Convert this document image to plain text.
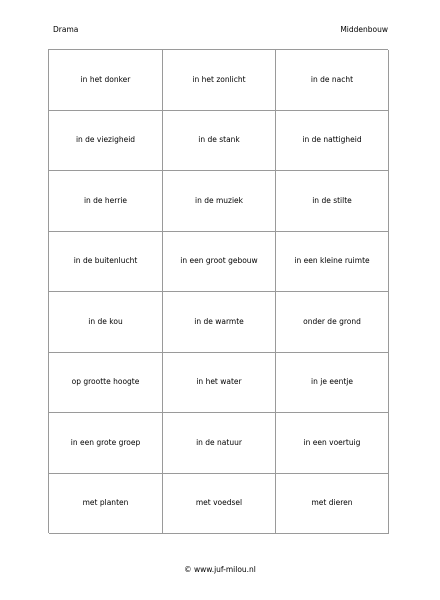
Drama	Middenbouw
in het donker	in het zonlicht	in de nacht
in de viezigheid	in de stank	in de nattigheid
in de herrie	in de muziek	in de stilte
in de buitenlucht	in een groot gebouw	in een kleine ruimte
in de kou	in de warmte	onder de grond
op grootte hoogte	in het water	in je eentje
in een grote groep	in de natuur	in een voertuig
met planten	met voedsel	met dieren
© www.juf-milou.nl
